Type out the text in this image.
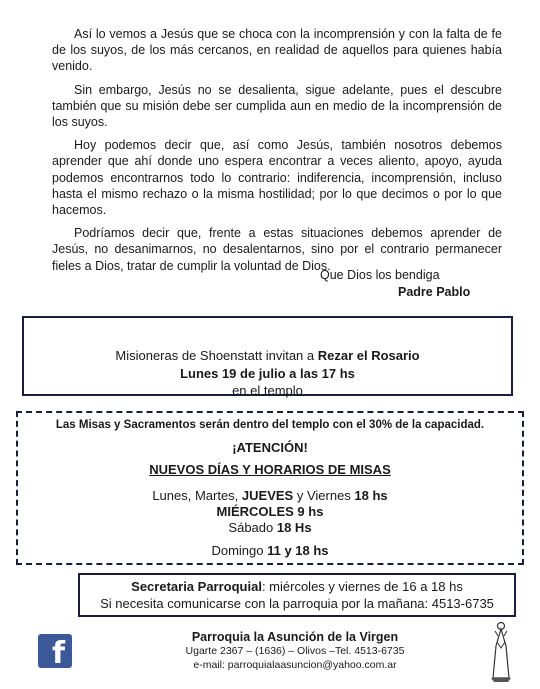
Así lo vemos a Jesús que se choca con la incomprensión y con la falta de fe de los suyos, de los más cercanos, en realidad de aquellos para quienes había venido.

Sin embargo, Jesús no se desalienta, sigue adelante, pues el descubre también que su misión debe ser cumplida aun en medio de la incomprensión de los suyos.

Hoy podemos decir que, así como Jesús, también nosotros debemos aprender que ahí donde uno espera encontrar a veces aliento, apoyo, ayuda podemos encontrarnos todo lo contrario: indiferencia, incomprensión, incluso hasta el mismo rechazo o la misma hostilidad; por lo que decimos o por lo que hacemos.

Podríamos decir que, frente a estas situaciones debemos aprender de Jesús, no desanimarnos, no desalentarnos, sino por el contrario permanecer fieles a Dios, tratar de cumplir la voluntad de Dios.

Que Dios los bendiga
Padre Pablo
Misioneras de Shoenstatt invitan a Rezar el Rosario
Lunes 19 de julio a las 17 hs
en el templo
Las Misas y Sacramentos serán dentro del templo con el 30% de la capacidad.
¡ATENCIÓN!
NUEVOS DÍAS Y HORARIOS DE MISAS
Lunes, Martes, JUEVES y Viernes 18 hs
MIÉRCOLES 9 hs
Sábado 18 Hs
Domingo 11 y 18 hs
Secretaria Parroquial: miércoles y viernes de 16 a 18 hs
Si necesita comunicarse con la parroquia por la mañana: 4513-6735
f	Parroquia la Asunción de la Virgen
Ugarte 2367 – (1636) – Olivos –Tel. 4513-6735
e-mail: parroquialaasuncion@yahoo.com.ar
